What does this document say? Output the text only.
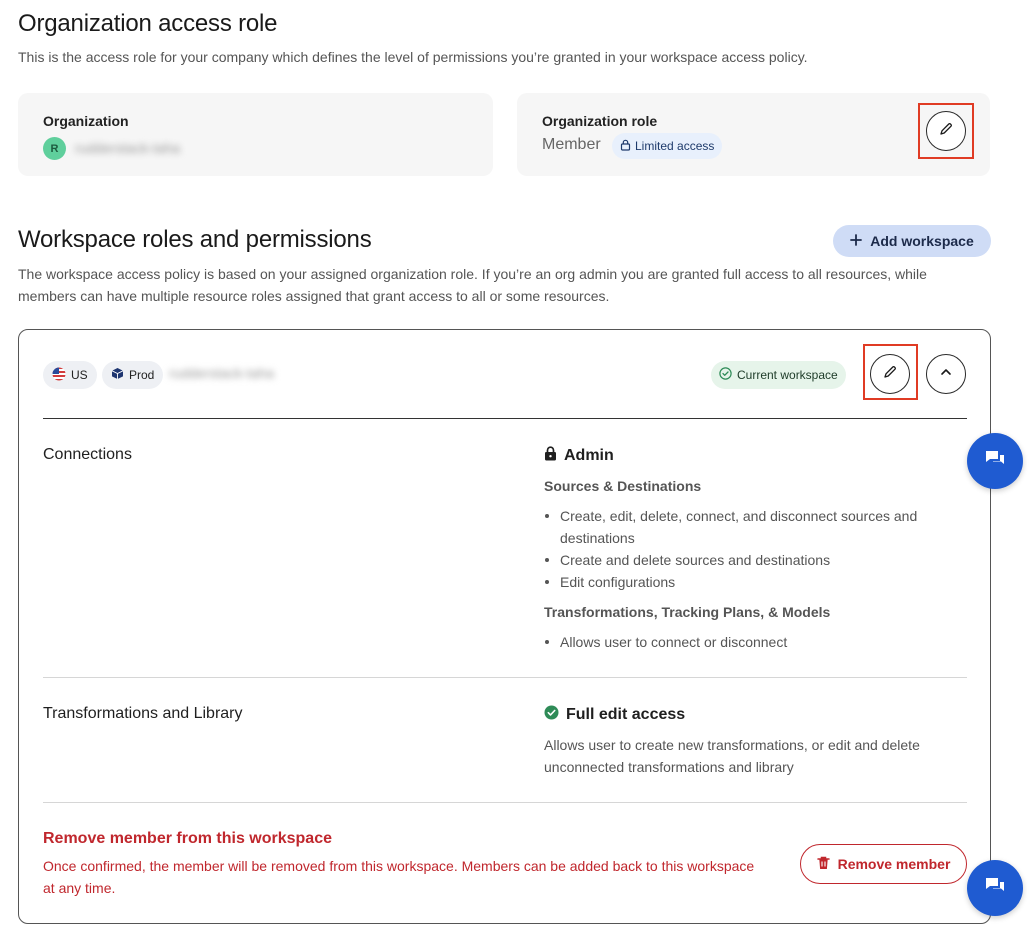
Organization access role
This is the access role for your company which defines the level of permissions you’re granted in your workspace access policy.
Organization
R	rudderstack-taha
Organization role
Member	Limited access
Workspace roles and permissions	Add workspace
The workspace access policy is based on your assigned organization role. If you’re an org admin you are granted full access to all resources, while members can have multiple resource roles assigned that grant access to all or some resources.
US	Prod rudderstack-taha	Current workspace
Connections	Admin
Sources & Destinations
Create, edit, delete, connect, and disconnect sources and destinations
Create and delete sources and destinations
Edit configurations
Transformations, Tracking Plans, & Models
Allows user to connect or disconnect
Transformations and Library	Full edit access
Allows user to create new transformations, or edit and delete unconnected transformations and library
Remove member from this workspace
Once confirmed, the member will be removed from this workspace. Members can be added back to this workspace at any time.
Remove member
